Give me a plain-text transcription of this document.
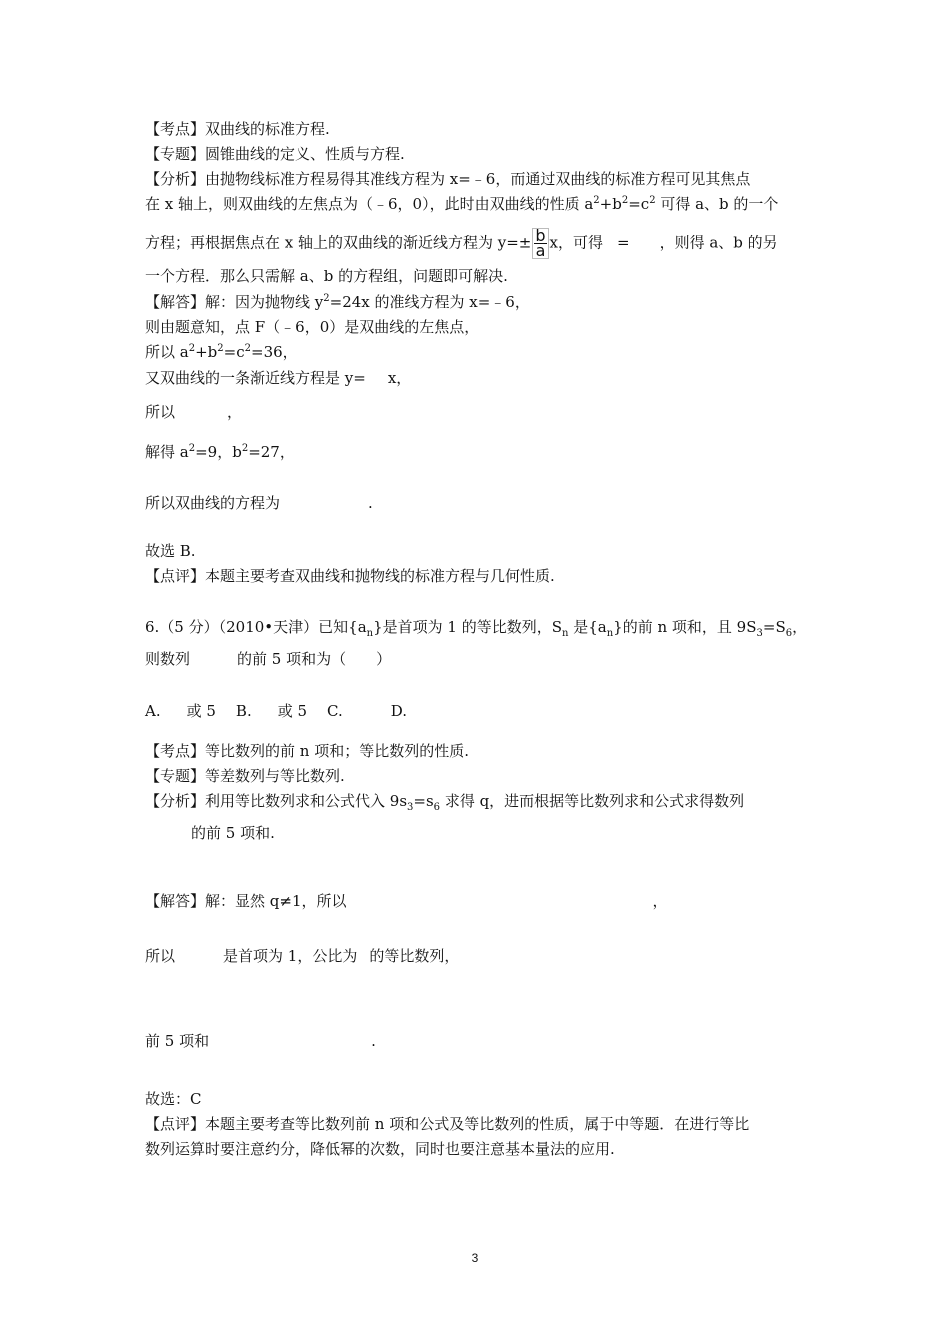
【考点】双曲线的标准方程.
【专题】圆锥曲线的定义、性质与方程.
【分析】由抛物线标准方程易得其准线方程为 x=﹣6，而通过双曲线的标准方程可见其焦点
在 x 轴上，则双曲线的左焦点为（﹣6，0），此时由双曲线的性质 $a^2+b^2=c^2$ 可得 a、b 的一个
方程；再根据焦点在 x 轴上的双曲线的渐近线方程为 $y=\pm \frac{b}{a}$ x，可得 = ，则得 a、b 的另
一个方程．那么只需解 a、b 的方程组，问题即可解决.
【解答】解：因为抛物线 $y^2=24x$ 的准线方程为 x=﹣6，
则由题意知，点 F（﹣6，0）是双曲线的左焦点，
所以 $a^2+b^2=c^2=36$，
又双曲线的一条渐近线方程是 y= x，
所以	，
解得 $a^2=9$，$b^2=27$，
所以双曲线的方程为	.
故选 B.
【点评】本题主要考查双曲线和抛物线的标准方程与几何性质.
6.（5 分）（2010•天津）已知$\{a_n\}$是首项为 1 的等比数列，$S_n$ 是$\{a_n\}$的前 n 项和，且 $9S_3=S_6$，
则数列	的前 5 项和为（　　）
A. 或 5 B. 或 5 C.	D.
【考点】等比数列的前 n 项和；等比数列的性质.
【专题】等差数列与等比数列.
【分析】利用等比数列求和公式代入 $9s_3=s_6$ 求得 q，进而根据等比数列求和公式求得数列
的前 5 项和.
【解答】解：显然 q≠1，所以	，
所以	是首项为 1，公比为 的等比数列，
前 5 项和	.
故选：C
【点评】本题主要考查等比数列前 n 项和公式及等比数列的性质，属于中等题．在进行等比
数列运算时要注意约分，降低幂的次数，同时也要注意基本量法的应用.
3
